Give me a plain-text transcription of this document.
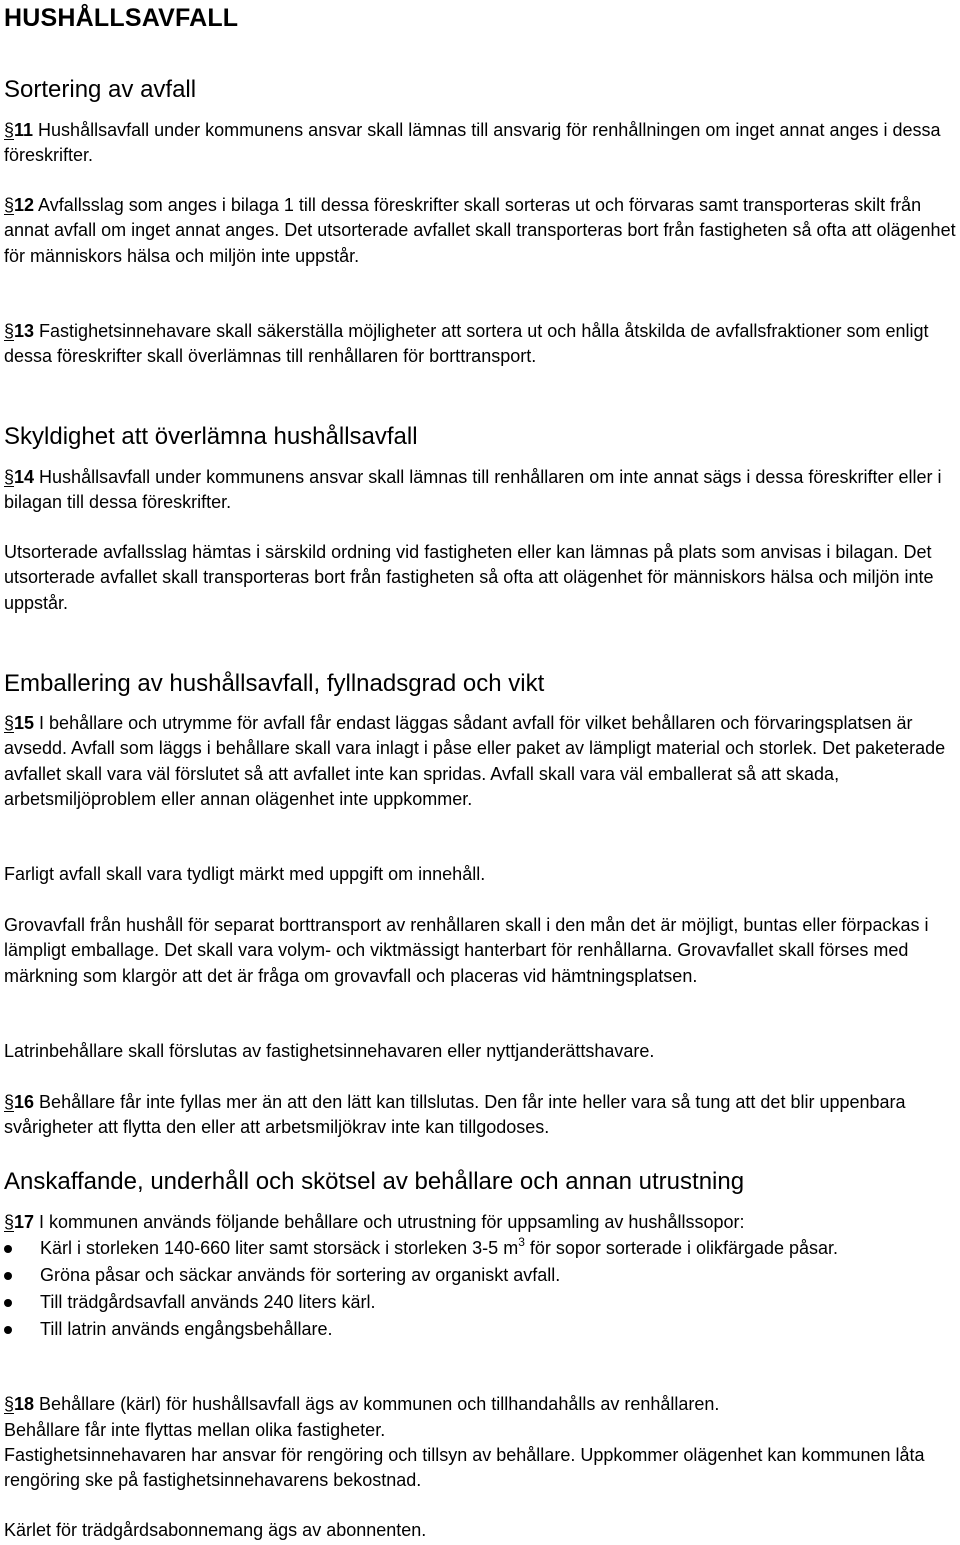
HUSHÅLLSAVFALL
Sortering av avfall

§11 Hushållsavfall under kommunens ansvar skall lämnas till ansvarig för renhållningen om inget annat anges i dessa föreskrifter.

§12 Avfallsslag som anges i bilaga 1 till dessa föreskrifter skall sorteras ut och förvaras samt transporteras skilt från annat avfall om inget annat anges. Det utsorterade avfallet skall transporteras bort från fastigheten så ofta att olägenhet för människors hälsa och miljön inte uppstår.

§13 Fastighetsinnehavare skall säkerställa möjligheter att sortera ut och hålla åtskilda de avfallsfraktioner som enligt dessa föreskrifter skall överlämnas till renhållaren för borttransport.

Skyldighet att överlämna hushållsavfall

§14 Hushållsavfall under kommunens ansvar skall lämnas till renhållaren om inte annat sägs i dessa föreskrifter eller i bilagan till dessa föreskrifter.

Utsorterade avfallsslag hämtas i särskild ordning vid fastigheten eller kan lämnas på plats som anvisas i bilagan. Det utsorterade avfallet skall transporteras bort från fastigheten så ofta att olägenhet för människors hälsa och miljön inte uppstår.

Emballering av hushållsavfall, fyllnadsgrad och vikt

§15 I behållare och utrymme för avfall får endast läggas sådant avfall för vilket behållaren och förvaringsplatsen är avsedd. Avfall som läggs i behållare skall vara inlagt i påse eller paket av lämpligt material och storlek. Det paketerade avfallet skall vara väl förslutet så att avfallet inte kan spridas. Avfall skall vara väl emballerat så att skada, arbetsmiljöproblem eller annan olägenhet inte uppkommer.

Farligt avfall skall vara tydligt märkt med uppgift om innehåll.

Grovavfall från hushåll för separat borttransport av renhållaren skall i den mån det är möjligt, buntas eller förpackas i lämpligt emballage. Det skall vara volym- och viktmässigt hanterbart för renhållarna. Grovavfallet skall förses med märkning som klargör att det är fråga om grovavfall och placeras vid hämtningsplatsen.

Latrinbehållare skall förslutas av fastighetsinnehavaren eller nyttjanderättshavare.

§16 Behållare får inte fyllas mer än att den lätt kan tillslutas. Den får inte heller vara så tung att det blir uppenbara svårigheter att flytta den eller att arbetsmiljökrav inte kan tillgodoses.

Anskaffande, underhåll och skötsel av behållare och annan utrustning

§17 I kommunen används följande behållare och utrustning för uppsamling av hushållssopor:

Kärl i storleken 140-660 liter samt storsäck i storleken 3-5 $m^3$ för sopor sorterade i olikfärgade påsar.
Gröna påsar och säckar används för sortering av organiskt avfall.
Till trädgårdsavfall används 240 liters kärl.
Till latrin används engångsbehållare.

§18 Behållare (kärl) för hushållsavfall ägs av kommunen och tillhandahålls av renhållaren.

Behållare får inte flyttas mellan olika fastigheter.

Fastighetsinnehavaren har ansvar för rengöring och tillsyn av behållare. Uppkommer olägenhet kan kommunen låta rengöring ske på fastighetsinnehavarens bekostnad.

Kärlet för trädgårdsabonnemang ägs av abonnenten.
